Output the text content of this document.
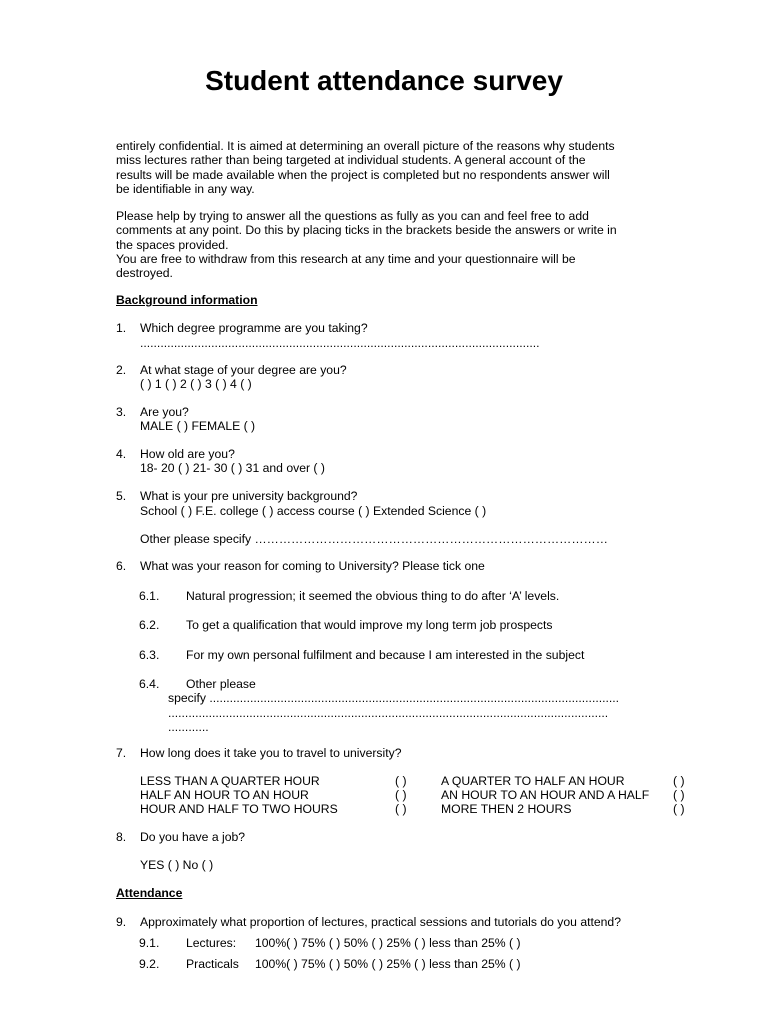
Student attendance survey
entirely confidential. It is aimed at determining an overall picture of the reasons why students
miss lectures rather than being targeted at individual students. A general account of the
results will be made available when the project is completed but no respondents answer will
be identifiable in any way.
Please help by trying to answer all the questions as fully as you can and feel free to add
comments at any point. Do this by placing ticks in the brackets beside the answers or write in
the spaces provided.
You are free to withdraw from this research at any time and your questionnaire will be
destroyed.
Background information
1. Which degree programme are you taking?
......................................................................................................................
2. At what stage of your degree are you?
( ) 1 ( ) 2 ( ) 3 ( ) 4 ( )
3. Are you?
MALE ( ) FEMALE ( )
4. How old are you?
18- 20 ( ) 21- 30 ( ) 31 and over ( )
5. What is your pre university background?
School ( ) F.E. college ( ) access course ( ) Extended Science ( )
Other please specify ……………………………………………………………………………
6. What was your reason for coming to University? Please tick one
6.1. Natural progression; it seemed the obvious thing to do after ‘A’ levels.
6.2. To get a qualification that would improve my long term job prospects
6.3. For my own personal fulfilment and because I am interested in the subject
6.4. Other please
specify .........................................................................................................................
..................................................................................................................................
............
7. How long does it take you to travel to university?
LESS THAN A QUARTER HOUR	( )	A QUARTER TO HALF AN HOUR	( )
HALF AN HOUR TO AN HOUR	( )	AN HOUR TO AN HOUR AND A HALF ( )
HOUR AND HALF TO TWO HOURS	( )	MORE THEN 2 HOURS	( )
8. Do you have a job?
YES ( ) No ( )
Attendance
9. Approximately what proportion of lectures, practical sessions and tutorials do you attend?
9.1. Lectures: 100%( ) 75% ( ) 50% ( ) 25% ( ) less than 25% ( )
9.2. Practicals 100%( ) 75% ( ) 50% ( ) 25% ( ) less than 25% ( )
